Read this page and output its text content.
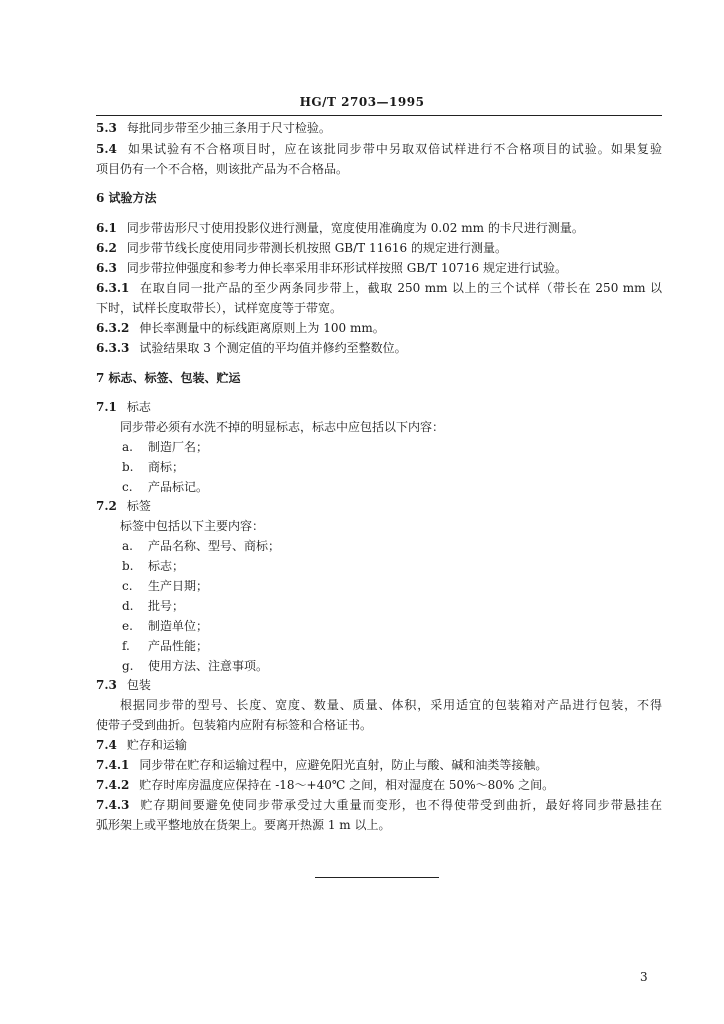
HG/T 2703—1995
5.3 每批同步带至少抽三条用于尺寸检验。
5.4 如果试验有不合格项目时，应在该批同步带中另取双倍试样进行不合格项目的试验。如果复验
项目仍有一个不合格，则该批产品为不合格品。
6 试验方法
6.1 同步带齿形尺寸使用投影仪进行测量，宽度使用准确度为 0.02 mm 的卡尺进行测量。
6.2 同步带节线长度使用同步带测长机按照 GB/T 11616 的规定进行测量。
6.3 同步带拉伸强度和参考力伸长率采用非环形试样按照 GB/T 10716 规定进行试验。
6.3.1 在取自同一批产品的至少两条同步带上，截取 250 mm 以上的三个试样（带长在 250 mm 以
下时，试样长度取带长），试样宽度等于带宽。
6.3.2 伸长率测量中的标线距离原则上为 100 mm。
6.3.3 试验结果取 3 个测定值的平均值并修约至整数位。
7 标志、标签、包装、贮运
7.1 标志
同步带必须有水洗不掉的明显标志，标志中应包括以下内容：
a. 制造厂名；
b. 商标；
c. 产品标记。
7.2 标签
标签中包括以下主要内容：
a. 产品名称、型号、商标；
b. 标志；
c. 生产日期；
d. 批号；
e. 制造单位；
f. 产品性能；
g. 使用方法、注意事项。
7.3 包装
根据同步带的型号、长度、宽度、数量、质量、体积，采用适宜的包装箱对产品进行包装，不得
使带子受到曲折。包装箱内应附有标签和合格证书。
7.4 贮存和运输
7.4.1 同步带在贮存和运输过程中，应避免阳光直射，防止与酸、碱和油类等接触。
7.4.2 贮存时库房温度应保持在 -18～+40℃ 之间，相对湿度在 50%～80% 之间。
7.4.3 贮存期间要避免使同步带承受过大重量而变形，也不得使带受到曲折，最好将同步带悬挂在
弧形架上或平整地放在货架上。要离开热源 1 m 以上。
3
